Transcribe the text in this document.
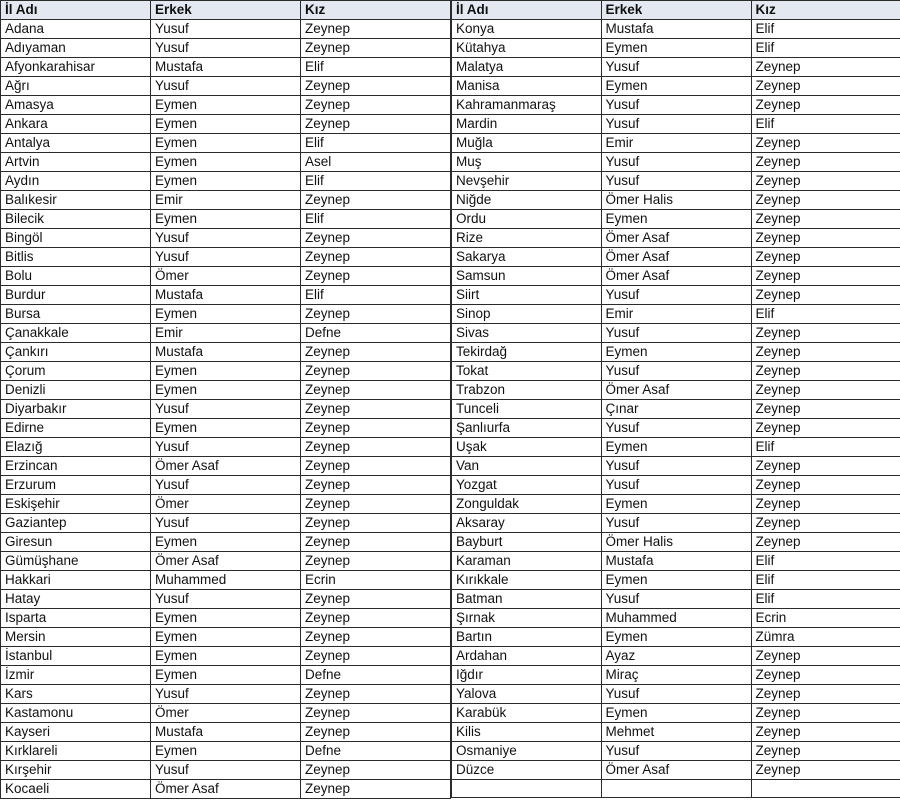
İl Adı	Erkek	Kız
Adana	Yusuf	Zeynep
Adıyaman	Yusuf	Zeynep
Afyonkarahisar	Mustafa	Elif
Ağrı	Yusuf	Zeynep
Amasya	Eymen	Zeynep
Ankara	Eymen	Zeynep
Antalya	Eymen	Elif
Artvin	Eymen	Asel
Aydın	Eymen	Elif
Balıkesir	Emir	Zeynep
Bilecik	Eymen	Elif
Bingöl	Yusuf	Zeynep
Bitlis	Yusuf	Zeynep
Bolu	Ömer	Zeynep
Burdur	Mustafa	Elif
Bursa	Eymen	Zeynep
Çanakkale	Emir	Defne
Çankırı	Mustafa	Zeynep
Çorum	Eymen	Zeynep
Denizli	Eymen	Zeynep
Diyarbakır	Yusuf	Zeynep
Edirne	Eymen	Zeynep
Elazığ	Yusuf	Zeynep
Erzincan	Ömer Asaf	Zeynep
Erzurum	Yusuf	Zeynep
Eskişehir	Ömer	Zeynep
Gaziantep	Yusuf	Zeynep
Giresun	Eymen	Zeynep
Gümüşhane	Ömer Asaf	Zeynep
Hakkari	Muhammed	Ecrin
Hatay	Yusuf	Zeynep
Isparta	Eymen	Zeynep
Mersin	Eymen	Zeynep
İstanbul	Eymen	Zeynep
İzmir	Eymen	Defne
Kars	Yusuf	Zeynep
Kastamonu	Ömer	Zeynep
Kayseri	Mustafa	Zeynep
Kırklareli	Eymen	Defne
Kırşehir	Yusuf	Zeynep
Kocaeli	Ömer Asaf	Zeynep
İl Adı	Erkek	Kız
Konya	Mustafa	Elif
Kütahya	Eymen	Elif
Malatya	Yusuf	Zeynep
Manisa	Eymen	Zeynep
Kahramanmaraş	Yusuf	Zeynep
Mardin	Yusuf	Elif
Muğla	Emir	Zeynep
Muş	Yusuf	Zeynep
Nevşehir	Yusuf	Zeynep
Niğde	Ömer Halis	Zeynep
Ordu	Eymen	Zeynep
Rize	Ömer Asaf	Zeynep
Sakarya	Ömer Asaf	Zeynep
Samsun	Ömer Asaf	Zeynep
Siirt	Yusuf	Zeynep
Sinop	Emir	Elif
Sivas	Yusuf	Zeynep
Tekirdağ	Eymen	Zeynep
Tokat	Yusuf	Zeynep
Trabzon	Ömer Asaf	Zeynep
Tunceli	Çınar	Zeynep
Şanlıurfa	Yusuf	Zeynep
Uşak	Eymen	Elif
Van	Yusuf	Zeynep
Yozgat	Yusuf	Zeynep
Zonguldak	Eymen	Zeynep
Aksaray	Yusuf	Zeynep
Bayburt	Ömer Halis	Zeynep
Karaman	Mustafa	Elif
Kırıkkale	Eymen	Elif
Batman	Yusuf	Elif
Şırnak	Muhammed	Ecrin
Bartın	Eymen	Zümra
Ardahan	Ayaz	Zeynep
Iğdır	Miraç	Zeynep
Yalova	Yusuf	Zeynep
Karabük	Eymen	Zeynep
Kilis	Mehmet	Zeynep
Osmaniye	Yusuf	Zeynep
Düzce	Ömer Asaf	Zeynep
